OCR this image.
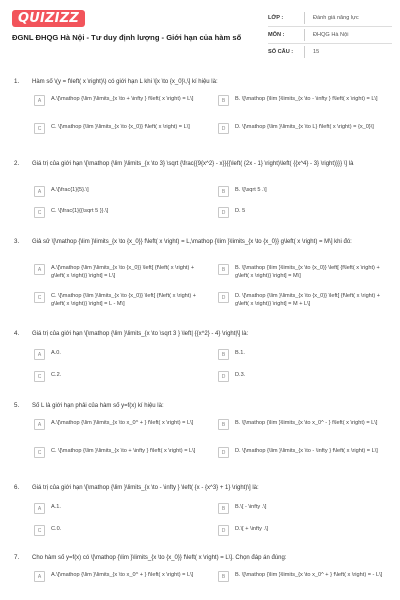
QUIZIZZ
ĐGNL ĐHQG Hà Nội - Tư duy định lượng - Giới hạn của hàm số
LỚP :	Đánh giá năng lực
MÔN :	ĐHQG Hà Nội
SỐ CÂU :	15
1. Hàm số \(y = f\left( x \right)\) có giới hạn L khi \[x \to {x_0}\,\] kí hiệu là:
A	A.\[\mathop {\lim }\limits_{x \to + \infty } f\left( x \right) = L\]	B	B. \[\mathop {\lim }\limits_{x \to - \infty } f\left( x \right) = L\]
C	C. \[\mathop {\lim }\limits_{x \to {x_0}} f\left( x \right) = L\]	D	D. \[\mathop {\lim }\limits_{x \to L} f\left( x \right) = {x_0}\]
2. Giá trị của giới hạn \[\mathop {\lim }\limits_{x \to 3} \sqrt {\frac{{9{x^2} - x}}{{\left( {2x - 1} \right)\left( {{x^4} - 3} \right)}}} \] là
A	A.\[\frac{1}{5}.\]	B	B. \[\sqrt 5 .\]
C	C. \[\frac{1}{{\sqrt 5 }}.\]	D	D. 5
3. Giả sử \[\mathop {\lim }\limits_{x \to {x_0}} f\left( x \right) = L,\mathop {\lim }\limits_{x \to {x_0}} g\left( x \right) = M\] khi đó:
A	A.\[\mathop {\lim }\limits_{x \to {x_0}} \left[ {f\left( x \right) + g\left( x \right)} \right] = L\]
B	B. \[\mathop {\lim }\limits_{x \to {x_0}} \left[ {f\left( x \right) + g\left( x \right)} \right] = M\]
C	C. \[\mathop {\lim }\limits_{x \to {x_0}} \left[ {f\left( x \right) + g\left( x \right)} \right] = L - M\]
D	D. \[\mathop {\lim }\limits_{x \to {x_0}} \left[ {f\left( x \right) + g\left( x \right)} \right] = M + L\]
4. Giá trị của giới hạn \[\mathop {\lim }\limits_{x \to \sqrt 3 } \left| {{x^2} - 4} \right|\] là:
A	A.0.	B	B.1.
C	C.2.	D	D.3.
5. Số L là giới hạn phải của hàm số y=f(x) kí hiệu là:
A	A.\[\mathop {\lim }\limits_{x \to x_0^ + } f\left( x \right) = L\]	B	B. \[\mathop {\lim }\limits_{x \to x_0^ - } f\left( x \right) = L\]
C	C. \[\mathop {\lim }\limits_{x \to + \infty } f\left( x \right) = L\]	D	D. \[\mathop {\lim }\limits_{x \to - \infty } f\left( x \right) = L\]
6. Giá trị của giới hạn \[\mathop {\lim }\limits_{x \to - \infty } \left( {x - {x^3} + 1} \right)\] là:
A	A.1.	B	B.\[ - \infty .\]
C	C.0.	D	D.\[ + \infty .\]
7. Cho hàm số y=f(x) có \[\mathop {\lim }\limits_{x \to {x_0}} f\left( x \right) = L\]. Chọn đáp án đúng:
A	A.\[\mathop {\lim }\limits_{x \to x_0^ + } f\left( x \right) = L\]	B	B. \[\mathop {\lim }\limits_{x \to x_0^ + } f\left( x \right) = - L\]
